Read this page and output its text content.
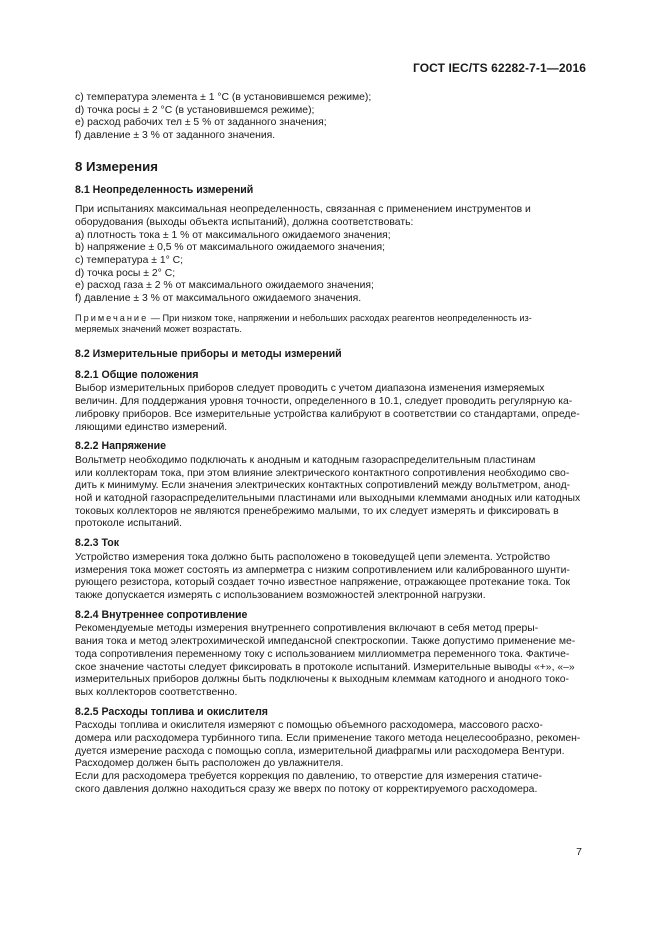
ГОСТ IEC/TS 62282-7-1—2016

c) температура элемента ± 1 °С (в установившемся режиме);

d) точка росы ± 2 °С (в установившемся режиме);

е) расход рабочих тел ± 5 % от заданного значения;

f) давление ± 3 % от заданного значения.

8 Измерения
8.1 Неопределенность измерений

При испытаниях максимальная неопределенность, связанная с применением инструментов и

оборудования (выходы объекта испытаний), должна соответствовать:

a) плотность тока ± 1 % от максимального ожидаемого значения;

b) напряжение ± 0,5 % от максимального ожидаемого значения;

c) температура ± 1° С;

d) точка росы ± 2° С;

e) расход газа ± 2 % от максимального ожидаемого значения;

f) давление ± 3 % от максимального ожидаемого значения.

Примечание — При низком токе, напряжении и небольших расходах реагентов неопределенность из-

меряемых значений может возрастать.

8.2 Измерительные приборы и методы измерений
8.2.1 Общие положения

Выбор измерительных приборов следует проводить с учетом диапазона изменения измеряемых

величин. Для поддержания уровня точности, определенного в 10.1, следует проводить регулярную ка-

либровку приборов. Все измерительные устройства калибруют в соответствии со стандартами, опреде-

ляющими единство измерений.

8.2.2 Напряжение

Вольтметр необходимо подключать к анодным и катодным газораспределительным пластинам

или коллекторам тока, при этом влияние электрического контактного сопротивления необходимо сво-

дить к минимуму. Если значения электрических контактных сопротивлений между вольтметром, анод-

ной и катодной газораспределительными пластинами или выходными клеммами анодных или катодных

токовых коллекторов не являются пренебрежимо малыми, то их следует измерять и фиксировать в

протоколе испытаний.

8.2.3 Ток

Устройство измерения тока должно быть расположено в токоведущей цепи элемента. Устройство

измерения тока может состоять из амперметра с низким сопротивлением или калиброванного шунти-

рующего резистора, который создает точно известное напряжение, отражающее протекание тока. Ток

также допускается измерять с использованием возможностей электронной нагрузки.

8.2.4 Внутреннее сопротивление

Рекомендуемые методы измерения внутреннего сопротивления включают в себя метод преры-

вания тока и метод электрохимической импедансной спектроскопии. Также допустимо применение ме-

тода сопротивления переменному току с использованием миллиомметра переменного тока. Фактиче-

ское значение частоты следует фиксировать в протоколе испытаний. Измерительные выводы «+», «–»

измерительных приборов должны быть подключены к выходным клеммам катодного и анодного токо-

вых коллекторов соответственно.

8.2.5 Расходы топлива и окислителя

Расходы топлива и окислителя измеряют с помощью объемного расходомера, массового расхо-

домера или расходомера турбинного типа. Если применение такого метода нецелесообразно, рекомен-

дуется измерение расхода с помощью сопла, измерительной диафрагмы или расходомера Вентури.

Расходомер должен быть расположен до увлажнителя.

Если для расходомера требуется коррекция по давлению, то отверстие для измерения статиче-

ского давления должно находиться сразу же вверх по потоку от корректируемого расходомера.

7
